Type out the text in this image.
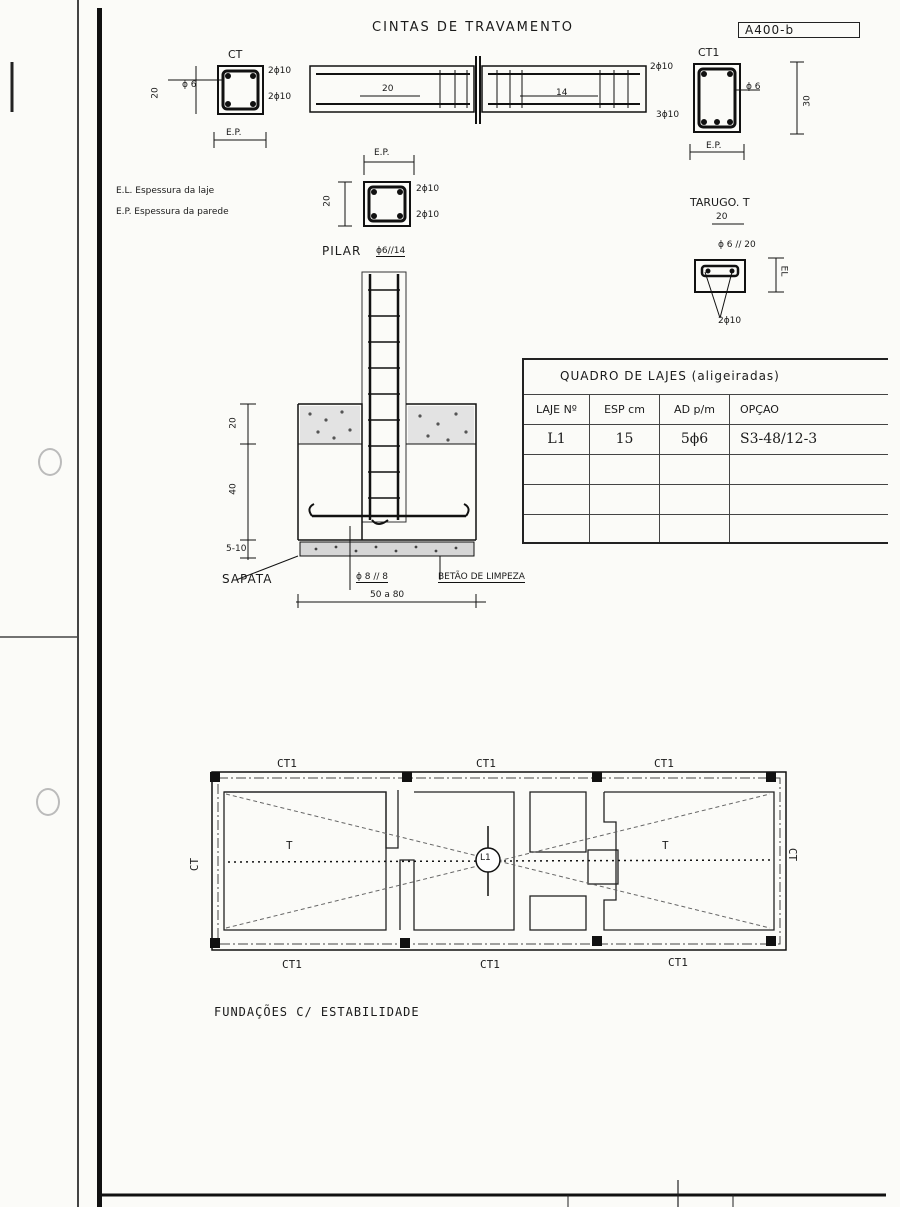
CINTAS DE TRAVAMENTO	A400-b
CT
ϕ 6
2ϕ10
2ϕ10
20
E.P.
20	14
CT1
ϕ 6
2ϕ10
3ϕ10
30
E.P.
E.L. Espessura da laje
E.P. Espessura da parede
E.P.
20
2ϕ10
2ϕ10
PILAR ϕ6//14
TARUGO. T
20
ϕ 6 // 20
EL
2ϕ10
20
40
5-10
SAPATA	ϕ 8 // 8	BETÃO DE LIMPEZA
50 a 80
QUADRO DE LAJES (aligeiradas)
LAJE Nº	ESP cm	AD p/m	OPÇAO
L1	15	5ϕ6	S3-48/12-3
CT1	CT1	CT1
CT1	CT1	CT1
CT
CT
T	T
L1
FUNDAÇÕES C/ ESTABILIDADE
